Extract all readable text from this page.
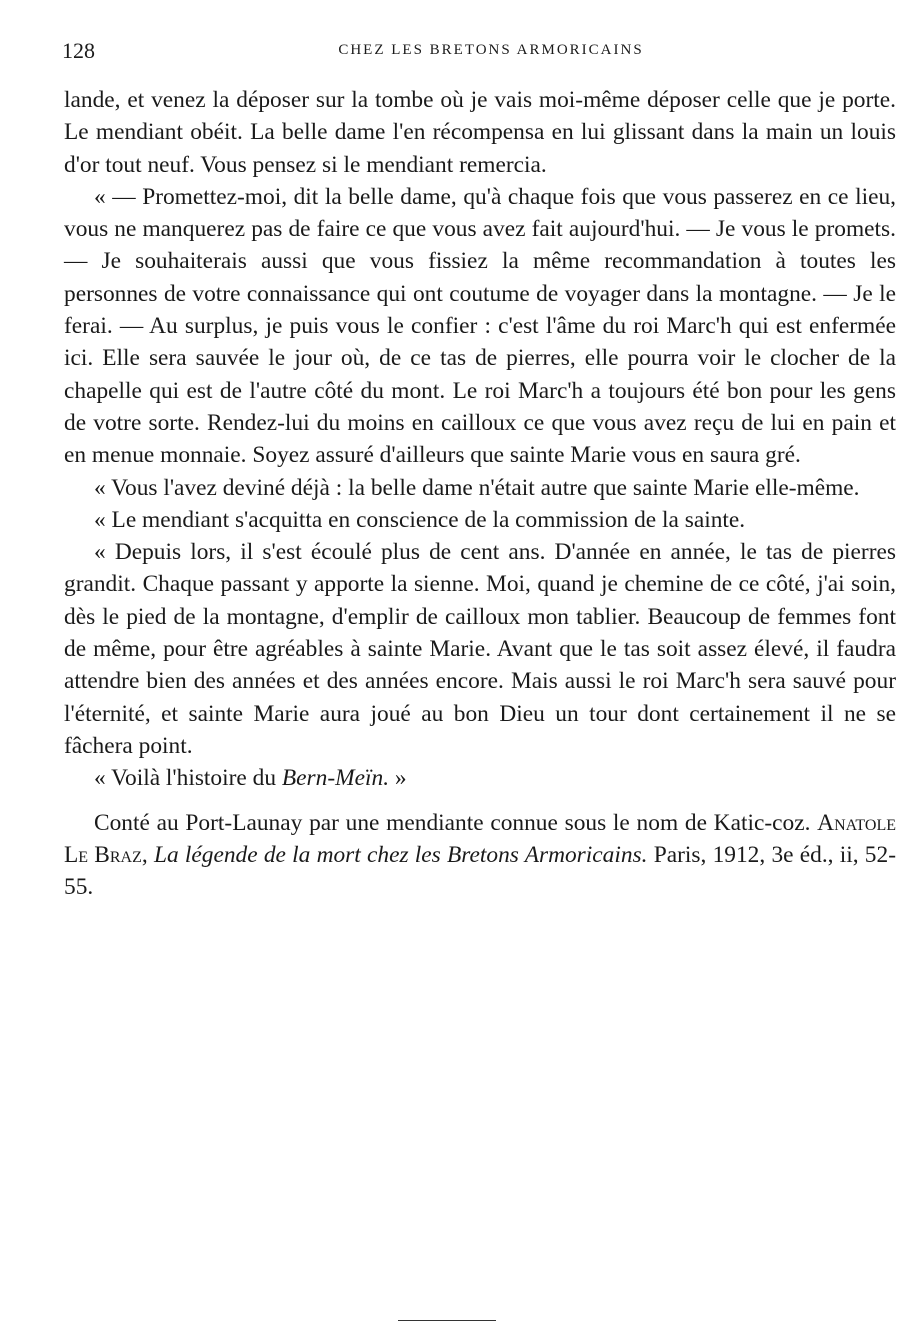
128	CHEZ LES BRETONS ARMORICAINS

lande, et venez la déposer sur la tombe où je vais moi-même déposer celle que je porte. Le mendiant obéit. La belle dame l'en récompensa en lui glissant dans la main un louis d'or tout neuf. Vous pensez si le mendiant remercia.

« — Promettez-moi, dit la belle dame, qu'à chaque fois que vous passerez en ce lieu, vous ne manquerez pas de faire ce que vous avez fait aujourd'hui. — Je vous le promets. — Je souhaiterais aussi que vous fissiez la même recommandation à toutes les personnes de votre connaissance qui ont coutume de voyager dans la montagne. — Je le ferai. — Au surplus, je puis vous le confier : c'est l'âme du roi Marc'h qui est enfermée ici. Elle sera sauvée le jour où, de ce tas de pierres, elle pourra voir le clocher de la chapelle qui est de l'autre côté du mont. Le roi Marc'h a toujours été bon pour les gens de votre sorte. Rendez-lui du moins en cailloux ce que vous avez reçu de lui en pain et en menue monnaie. Soyez assuré d'ailleurs que sainte Marie vous en saura gré.

« Vous l'avez deviné déjà : la belle dame n'était autre que sainte Marie elle-même.

« Le mendiant s'acquitta en conscience de la commission de la sainte.

« Depuis lors, il s'est écoulé plus de cent ans. D'année en année, le tas de pierres grandit. Chaque passant y apporte la sienne. Moi, quand je chemine de ce côté, j'ai soin, dès le pied de la montagne, d'emplir de cailloux mon tablier. Beaucoup de femmes font de même, pour être agréables à sainte Marie. Avant que le tas soit assez élevé, il faudra attendre bien des années et des années encore. Mais aussi le roi Marc'h sera sauvé pour l'éternité, et sainte Marie aura joué au bon Dieu un tour dont certainement il ne se fâchera point.

« Voilà l'histoire du Bern-Meïn. »

Conté au Port-Launay par une mendiante connue sous le nom de Katic-coz. Anatole Le Braz, La légende de la mort chez les Bretons Armoricains. Paris, 1912, 3e éd., ii, 52-55.
